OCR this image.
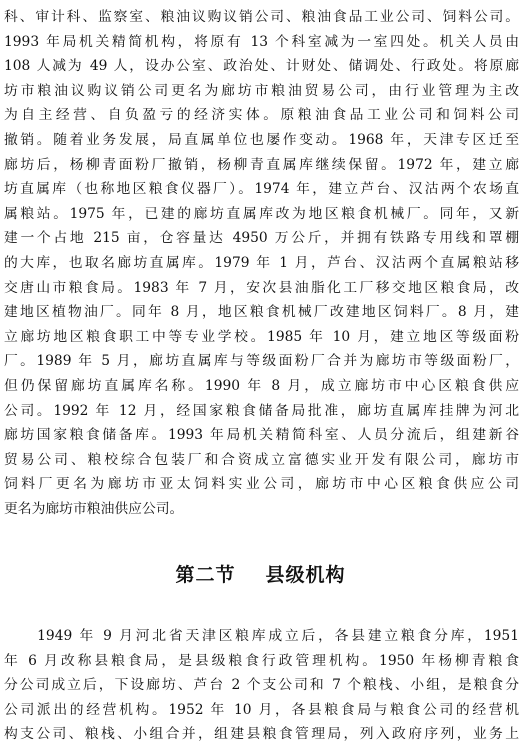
科、审计科、监察室、粮油议购议销公司、粮油食品工业公司、饲料公司。
1993 年局机关精简机构，将原有 13 个科室减为一室四处。机关人员由
108 人减为 49 人，设办公室、政治处、计财处、储调处、行政处。将原廊
坊市粮油议购议销公司更名为廊坊市粮油贸易公司，由行业管理为主改
为自主经营、自负盈亏的经济实体。原粮油食品工业公司和饲料公司
撤销。随着业务发展，局直属单位也屡作变动。1968 年，天津专区迁至
廊坊后，杨柳青面粉厂撤销，杨柳青直属库继续保留。1972 年，建立廊
坊直属库（也称地区粮食仪器厂）。1974 年，建立芦台、汉沽两个农场直
属粮站。1975 年，已建的廊坊直属库改为地区粮食机械厂。同年，又新
建一个占地 215 亩，仓容量达 4950 万公斤，并拥有铁路专用线和罩棚
的大库，也取名廊坊直属库。1979 年 1 月，芦台、汉沽两个直属粮站移
交唐山市粮食局。1983 年 7 月，安次县油脂化工厂移交地区粮食局，改
建地区植物油厂。同年 8 月，地区粮食机械厂改建地区饲料厂。8 月，建
立廊坊地区粮食职工中等专业学校。1985 年 10 月，建立地区等级面粉
厂。1989 年 5 月，廊坊直属库与等级面粉厂合并为廊坊市等级面粉厂，
但仍保留廊坊直属库名称。1990 年 8 月，成立廊坊市中心区粮食供应
公司。1992 年 12 月，经国家粮食储备局批准，廊坊直属库挂牌为河北
廊坊国家粮食储备库。1993 年局机关精简科室、人员分流后，组建新谷
贸易公司、粮校综合包装厂和合资成立富德实业开发有限公司，廊坊市
饲料厂更名为廊坊市亚太饲料实业公司，廊坊市中心区粮食供应公司
更名为廊坊市粮油供应公司。
第二节 县级机构
　　1949 年 9 月河北省天津区粮库成立后，各县建立粮食分库，1951
年 6 月改称县粮食局，是县级粮食行政管理机构。1950 年杨柳青粮食
分公司成立后，下设廊坊、芦台 2 个支公司和 7 个粮栈、小组，是粮食分
公司派出的经营机构。1952 年 10 月，各县粮食局与粮食公司的经营机
构支公司、粮栈、小组合并，组建县粮食管理局，列入政府序列，业务上
